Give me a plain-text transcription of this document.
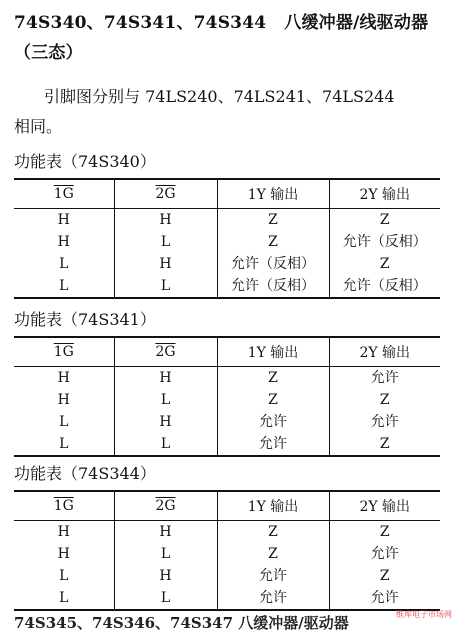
74S340、74S341、74S344 八缓冲器/线驱动器
（三态）
引脚图分别与 74LS240、74LS241、74LS244
相同。
功能表（74S340）
1G	2G	1Y 输出	2Y 输出
H	H	Z	Z
H	L	Z	允许（反相）
L	H	允许（反相）	Z
L	L	允许（反相）	允许（反相）
功能表（74S341）
1G	2G	1Y 输出	2Y 输出
H	H	Z	允许
H	L	Z	Z
L	H	允许	允许
L	L	允许	Z
功能表（74S344）
1G	2G	1Y 输出	2Y 输出
H	H	Z	Z
H	L	Z	允许
L	H	允许	Z
L	L	允许	允许
74S345、74S346、74S347 八缓冲器/驱动器	维库电子市场网
